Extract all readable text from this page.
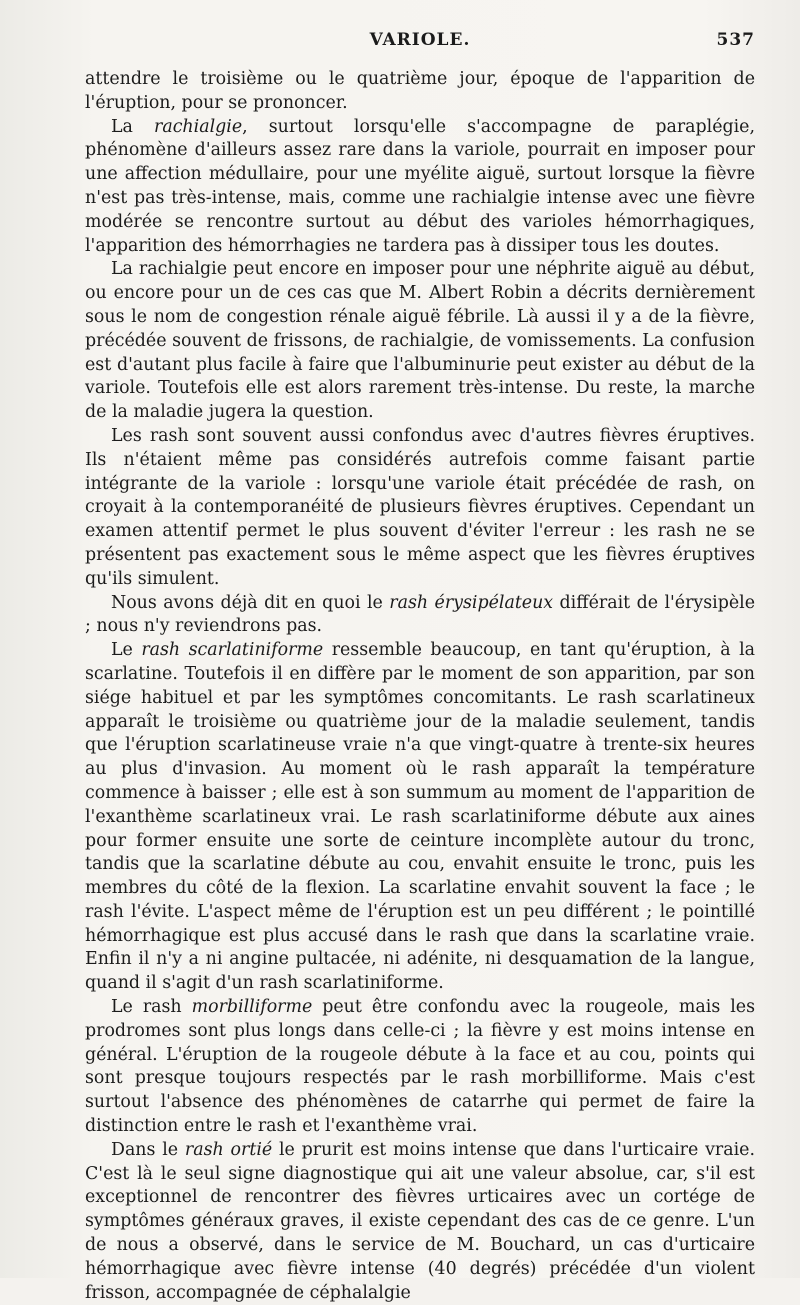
VARIOLE.	537

attendre le troisième ou le quatrième jour, époque de l'apparition de l'éruption, pour se prononcer.

La rachialgie, surtout lorsqu'elle s'accompagne de paraplégie, phénomène d'ailleurs assez rare dans la variole, pourrait en imposer pour une affection médullaire, pour une myélite aiguë, surtout lorsque la fièvre n'est pas très-intense, mais, comme une rachialgie intense avec une fièvre modérée se rencontre surtout au début des varioles hémorrhagiques, l'apparition des hémorrhagies ne tardera pas à dissiper tous les doutes.

La rachialgie peut encore en imposer pour une néphrite aiguë au début, ou encore pour un de ces cas que M. Albert Robin a décrits dernièrement sous le nom de congestion rénale aiguë fébrile. Là aussi il y a de la fièvre, précédée souvent de frissons, de rachialgie, de vomissements. La confusion est d'autant plus facile à faire que l'albuminurie peut exister au début de la variole. Toutefois elle est alors rarement très-intense. Du reste, la marche de la maladie jugera la question.

Les rash sont souvent aussi confondus avec d'autres fièvres éruptives. Ils n'étaient même pas considérés autrefois comme faisant partie intégrante de la variole : lorsqu'une variole était précédée de rash, on croyait à la contemporanéité de plusieurs fièvres éruptives. Cependant un examen attentif permet le plus souvent d'éviter l'erreur : les rash ne se présentent pas exactement sous le même aspect que les fièvres éruptives qu'ils simulent.

Nous avons déjà dit en quoi le rash érysipélateux différait de l'érysipèle ; nous n'y reviendrons pas.

Le rash scarlatiniforme ressemble beaucoup, en tant qu'éruption, à la scarlatine. Toutefois il en diffère par le moment de son apparition, par son siége habituel et par les symptômes concomitants. Le rash scarlatineux apparaît le troisième ou quatrième jour de la maladie seulement, tandis que l'éruption scarlatineuse vraie n'a que vingt-quatre à trente-six heures au plus d'invasion. Au moment où le rash apparaît la température commence à baisser ; elle est à son summum au moment de l'apparition de l'exanthème scarlatineux vrai. Le rash scarlatiniforme débute aux aines pour former ensuite une sorte de ceinture incomplète autour du tronc, tandis que la scarlatine débute au cou, envahit ensuite le tronc, puis les membres du côté de la flexion. La scarlatine envahit souvent la face ; le rash l'évite. L'aspect même de l'éruption est un peu différent ; le pointillé hémorrhagique est plus accusé dans le rash que dans la scarlatine vraie. Enfin il n'y a ni angine pultacée, ni adénite, ni desquamation de la langue, quand il s'agit d'un rash scarlatiniforme.

Le rash morbilliforme peut être confondu avec la rougeole, mais les prodromes sont plus longs dans celle-ci ; la fièvre y est moins intense en général. L'éruption de la rougeole débute à la face et au cou, points qui sont presque toujours respectés par le rash morbilliforme. Mais c'est surtout l'absence des phénomènes de catarrhe qui permet de faire la distinction entre le rash et l'exanthème vrai.

Dans le rash ortié le prurit est moins intense que dans l'urticaire vraie. C'est là le seul signe diagnostique qui ait une valeur absolue, car, s'il est exceptionnel de rencontrer des fièvres urticaires avec un cortége de symptômes généraux graves, il existe cependant des cas de ce genre. L'un de nous a observé, dans le service de M. Bouchard, un cas d'urticaire hémorrhagique avec fièvre intense (40 degrés) précédée d'un violent frisson, accompagnée de céphalalgie
